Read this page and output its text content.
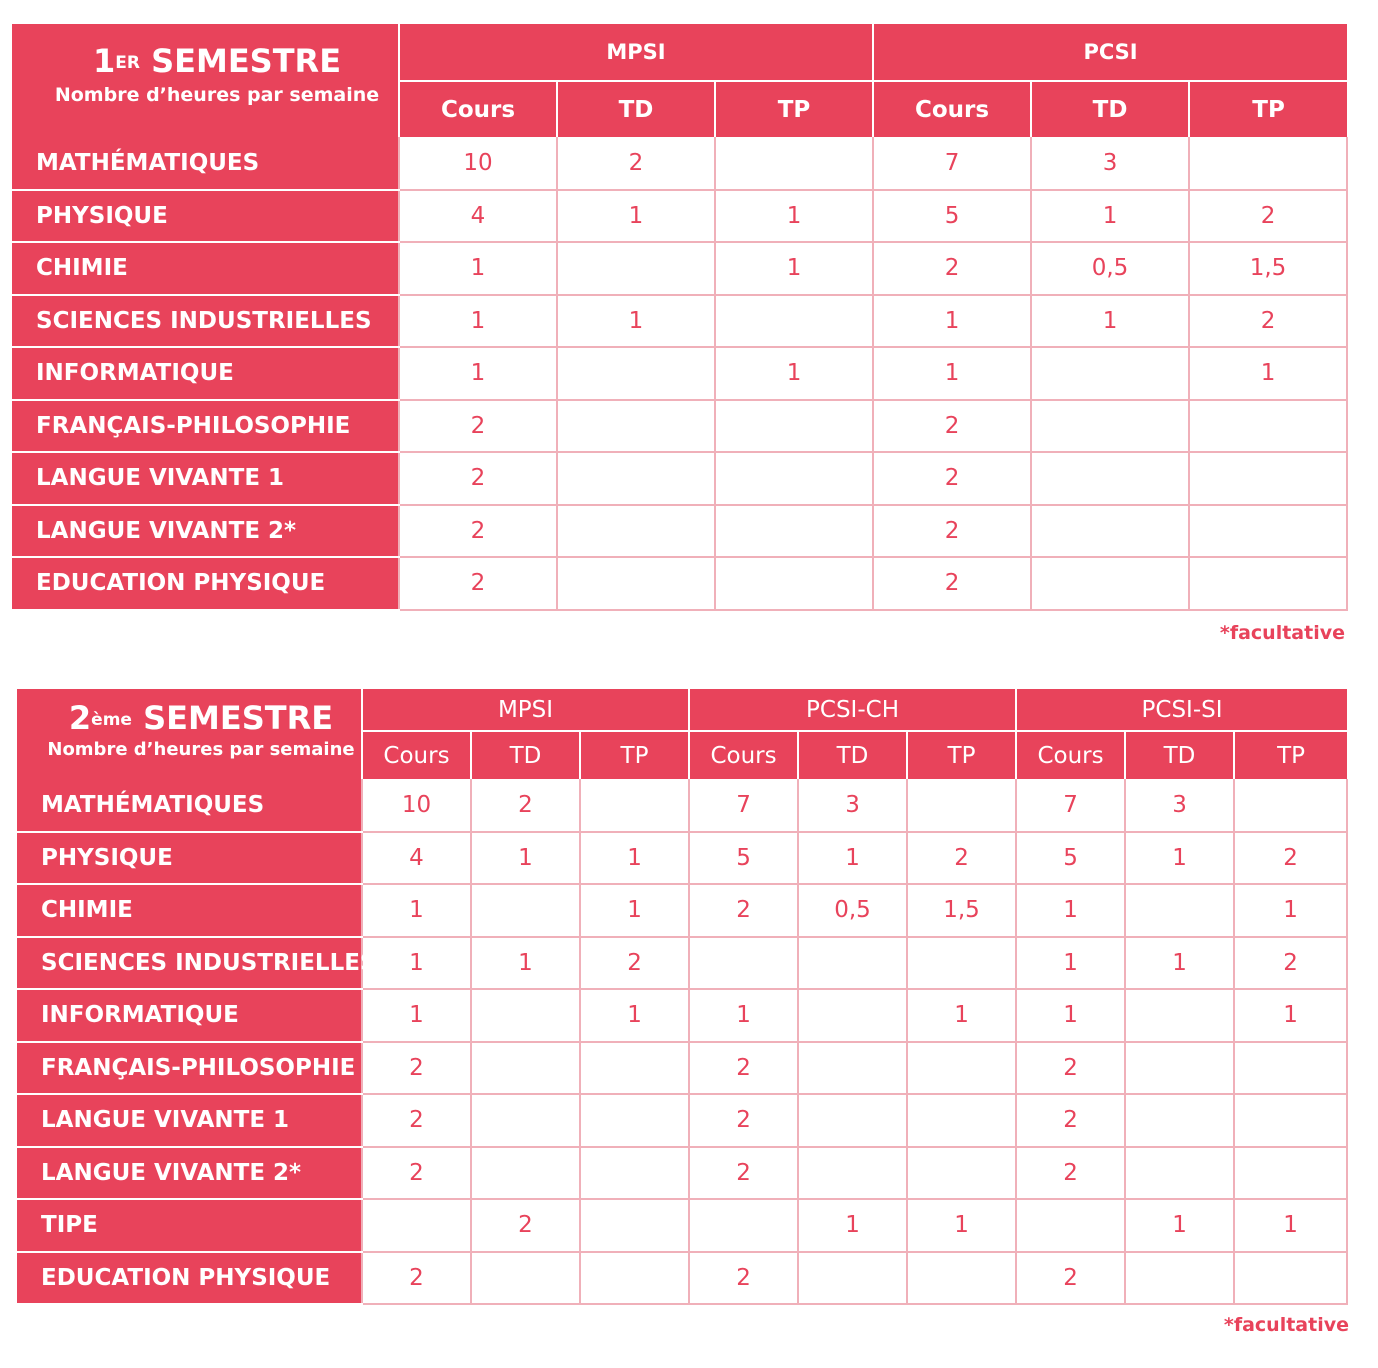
1ER SEMESTRE
Nombre d’heures par semaine	MPSI			PCSI		
	Cours	TD	TP	Cours	TD	TP
MATHÉMATIQUES	10	2		7	3	
PHYSIQUE	4	1	1	5	1	2
CHIMIE	1		1	2	0,5	1,5
SCIENCES INDUSTRIELLES	1	1		1	1	2
INFORMATIQUE	1		1	1		1
FRANÇAIS-PHILOSOPHIE	2			2		
LANGUE VIVANTE 1	2			2		
LANGUE VIVANTE 2*	2			2		
EDUCATION PHYSIQUE	2			2		
*facultative
2ème SEMESTRE
Nombre d’heures par semaine	MPSI			PCSI-CH			PCSI-SI		
	Cours	TD	TP	Cours	TD	TP	Cours	TD	TP
MATHÉMATIQUES	10	2		7	3		7	3	
PHYSIQUE	4	1	1	5	1	2	5	1	2
CHIMIE	1		1	2	0,5	1,5	1		1
SCIENCES INDUSTRIELLES	1	1	2				1	1	2
INFORMATIQUE	1		1	1		1	1		1
FRANÇAIS-PHILOSOPHIE	2			2			2		
LANGUE VIVANTE 1	2			2			2		
LANGUE VIVANTE 2*	2			2			2		
TIPE		2			1	1		1	1
EDUCATION PHYSIQUE	2			2			2		
*facultative
